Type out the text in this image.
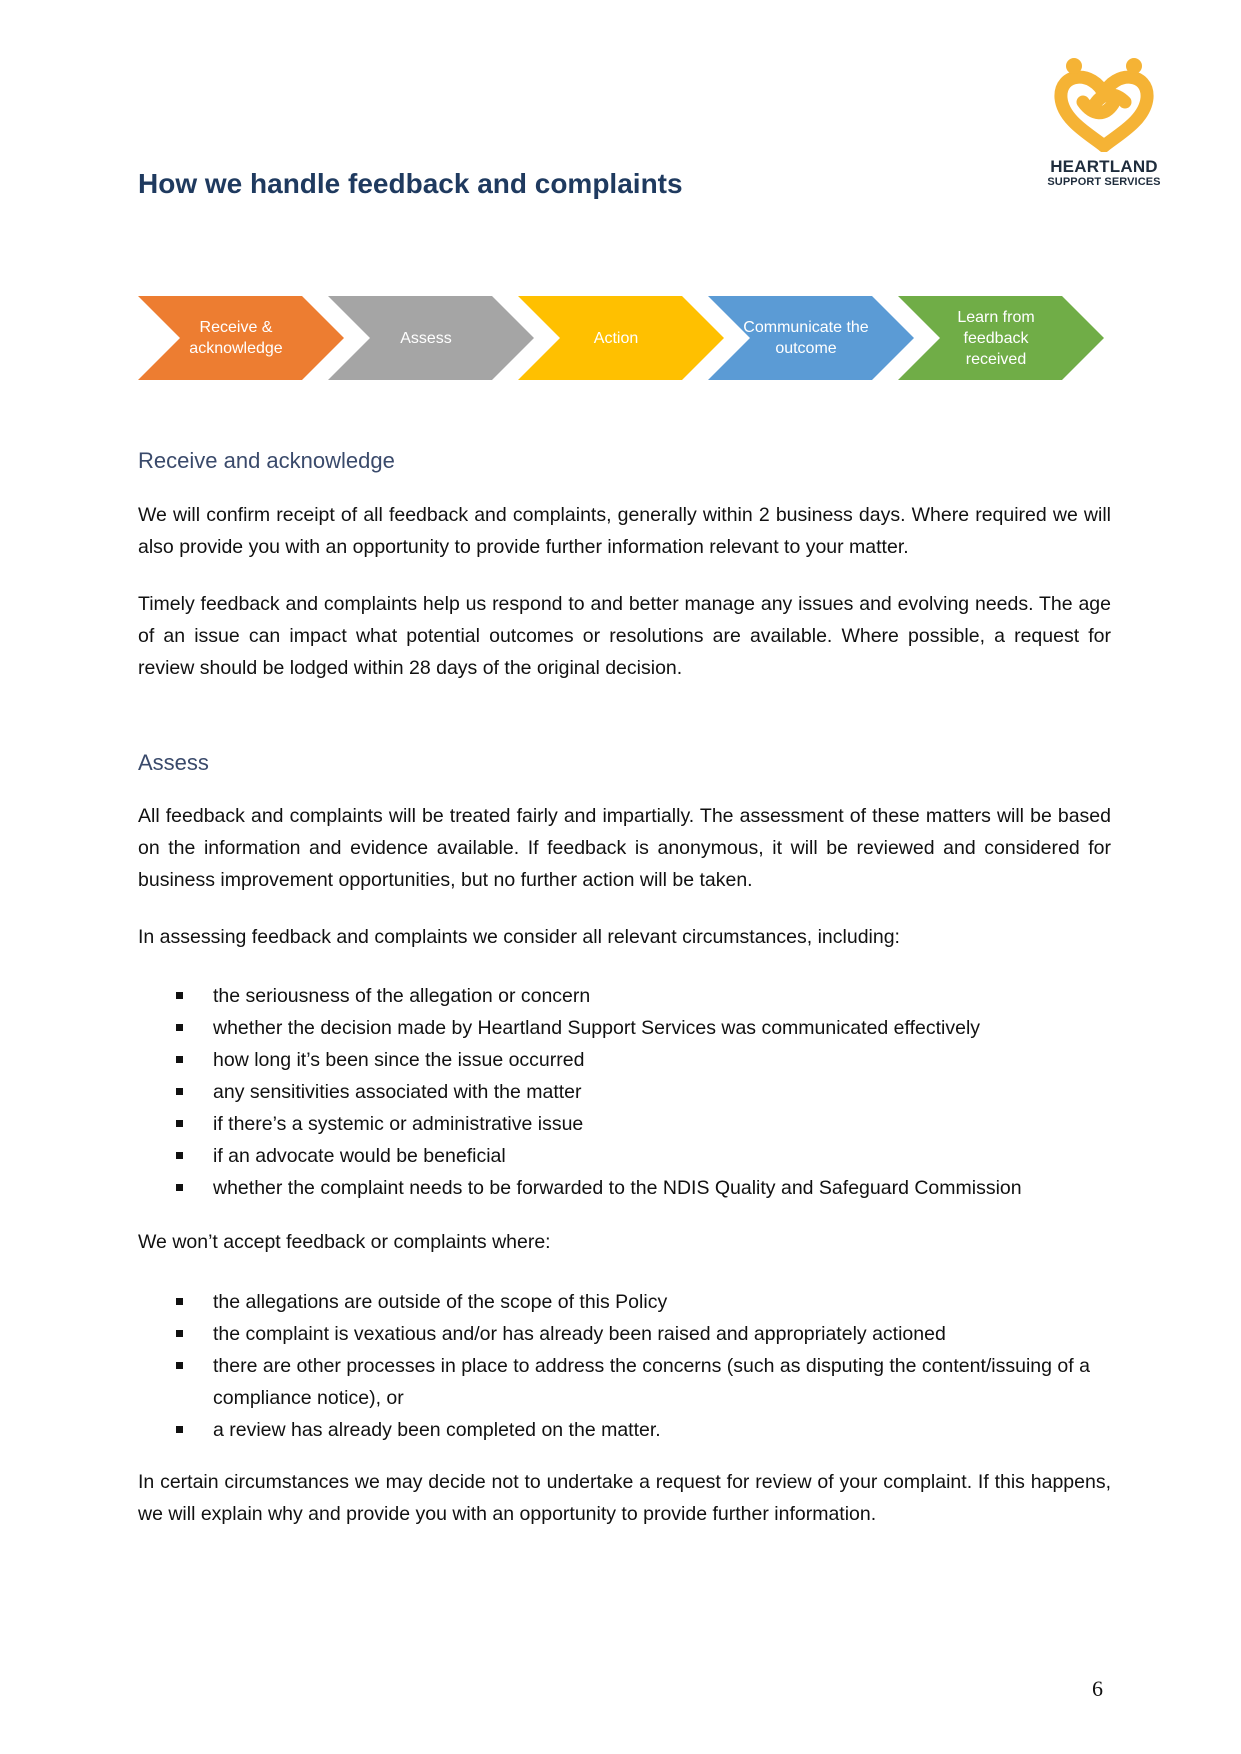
HEARTLAND
SUPPORT SERVICES
How we handle feedback and complaints
Receive & acknowledge
Assess	Action
Communicate the outcome
Learn from feedback received
Receive and acknowledge

We will confirm receipt of all feedback and complaints, generally within 2 business days. Where required we will also provide you with an opportunity to provide further information relevant to your matter.

Timely feedback and complaints help us respond to and better manage any issues and evolving needs. The age of an issue can impact what potential outcomes or resolutions are available. Where possible, a request for review should be lodged within 28 days of the original decision.

Assess

All feedback and complaints will be treated fairly and impartially. The assessment of these matters will be based on the information and evidence available. If feedback is anonymous, it will be reviewed and considered for business improvement opportunities, but no further action will be taken.

In assessing feedback and complaints we consider all relevant circumstances, including:

the seriousness of the allegation or concern
whether the decision made by Heartland Support Services was communicated effectively
how long it’s been since the issue occurred
any sensitivities associated with the matter
if there’s a systemic or administrative issue
if an advocate would be beneficial
whether the complaint needs to be forwarded to the NDIS Quality and Safeguard Commission

We won’t accept feedback or complaints where:

the allegations are outside of the scope of this Policy
the complaint is vexatious and/or has already been raised and appropriately actioned
there are other processes in place to address the concerns (such as disputing the content/issuing of a compliance notice), or
a review has already been completed on the matter.

In certain circumstances we may decide not to undertake a request for review of your complaint. If this happens, we will explain why and provide you with an opportunity to provide further information.

6
